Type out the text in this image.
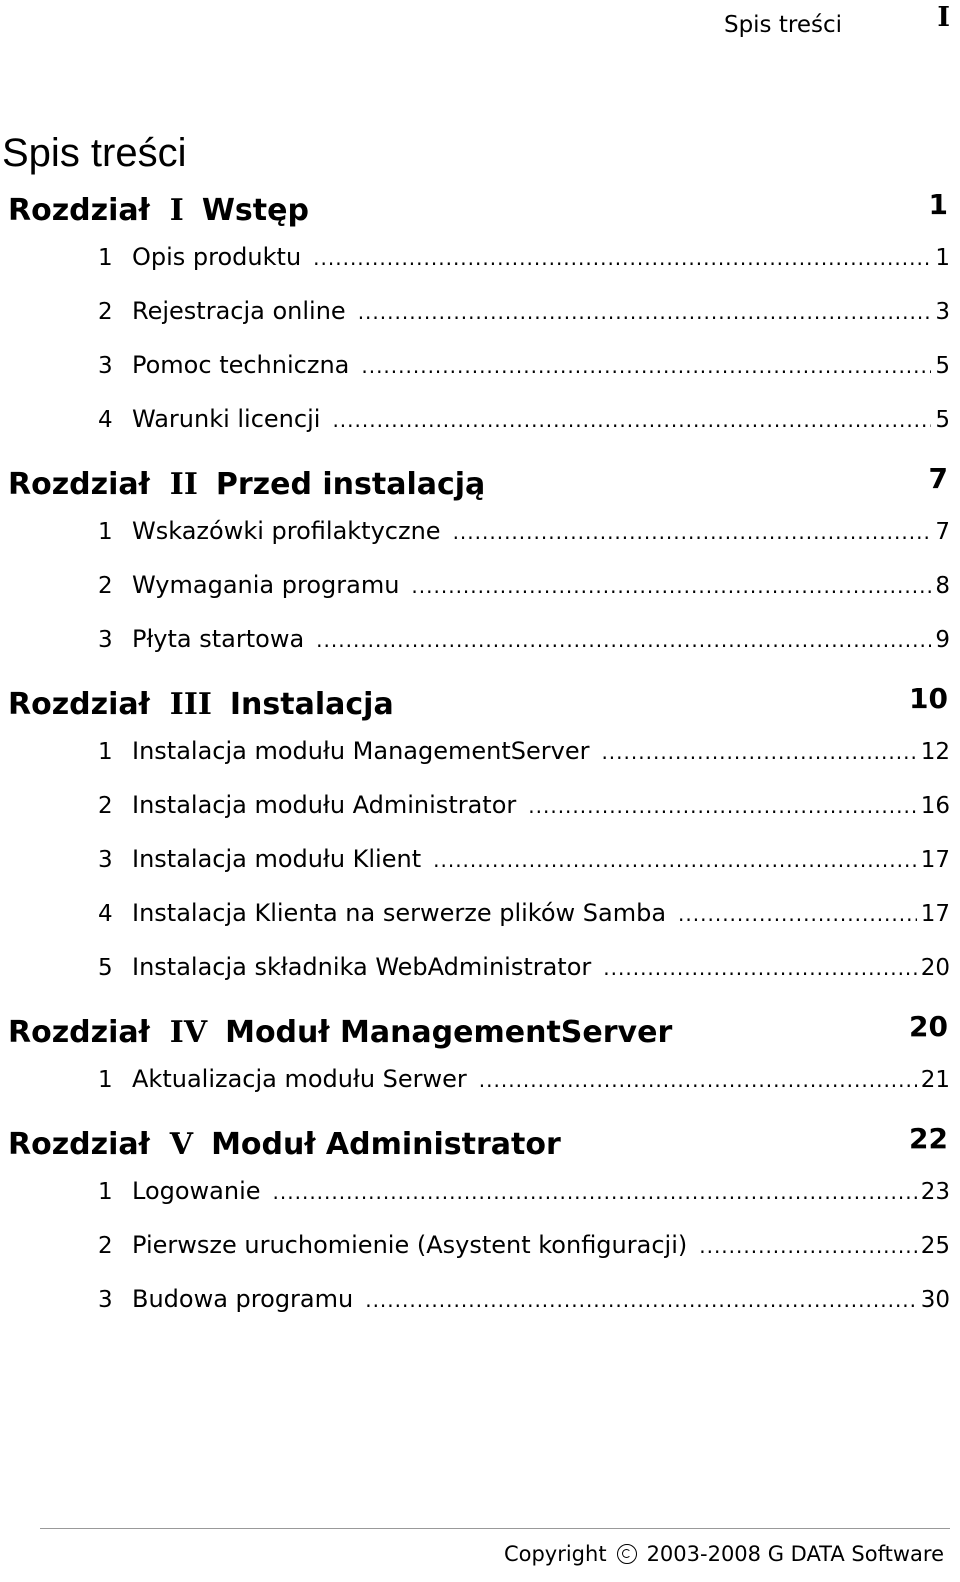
Spis treści	I
Spis treści
Rozdział I Wstęp	1
1 Opis produktu .....	1
2 Rejestracja online .....	3
3 Pomoc techniczna .....	5
4 Warunki licencji .....	5
Rozdział II Przed instalacją	7
1 Wskazówki profilaktyczne .....	7
2 Wymagania programu .....	8
3 Płyta startowa .....	9
Rozdział III Instalacja	10
1 Instalacja modułu ManagementServer .....	12
2 Instalacja modułu Administrator .....	16
3 Instalacja modułu Klient .....	17
4 Instalacja Klienta na serwerze plików Samba .....	17
5 Instalacja składnika WebAdministrator .....	20
Rozdział IV Moduł ManagementServer	20
1 Aktualizacja modułu Serwer .....	21
Rozdział V Moduł Administrator	22
1 Logowanie .....	23
2 Pierwsze uruchomienie (Asystent konfiguracji) .....	25
3 Budowa programu .....	30
Copyright 2003-2008 G DATA Software
